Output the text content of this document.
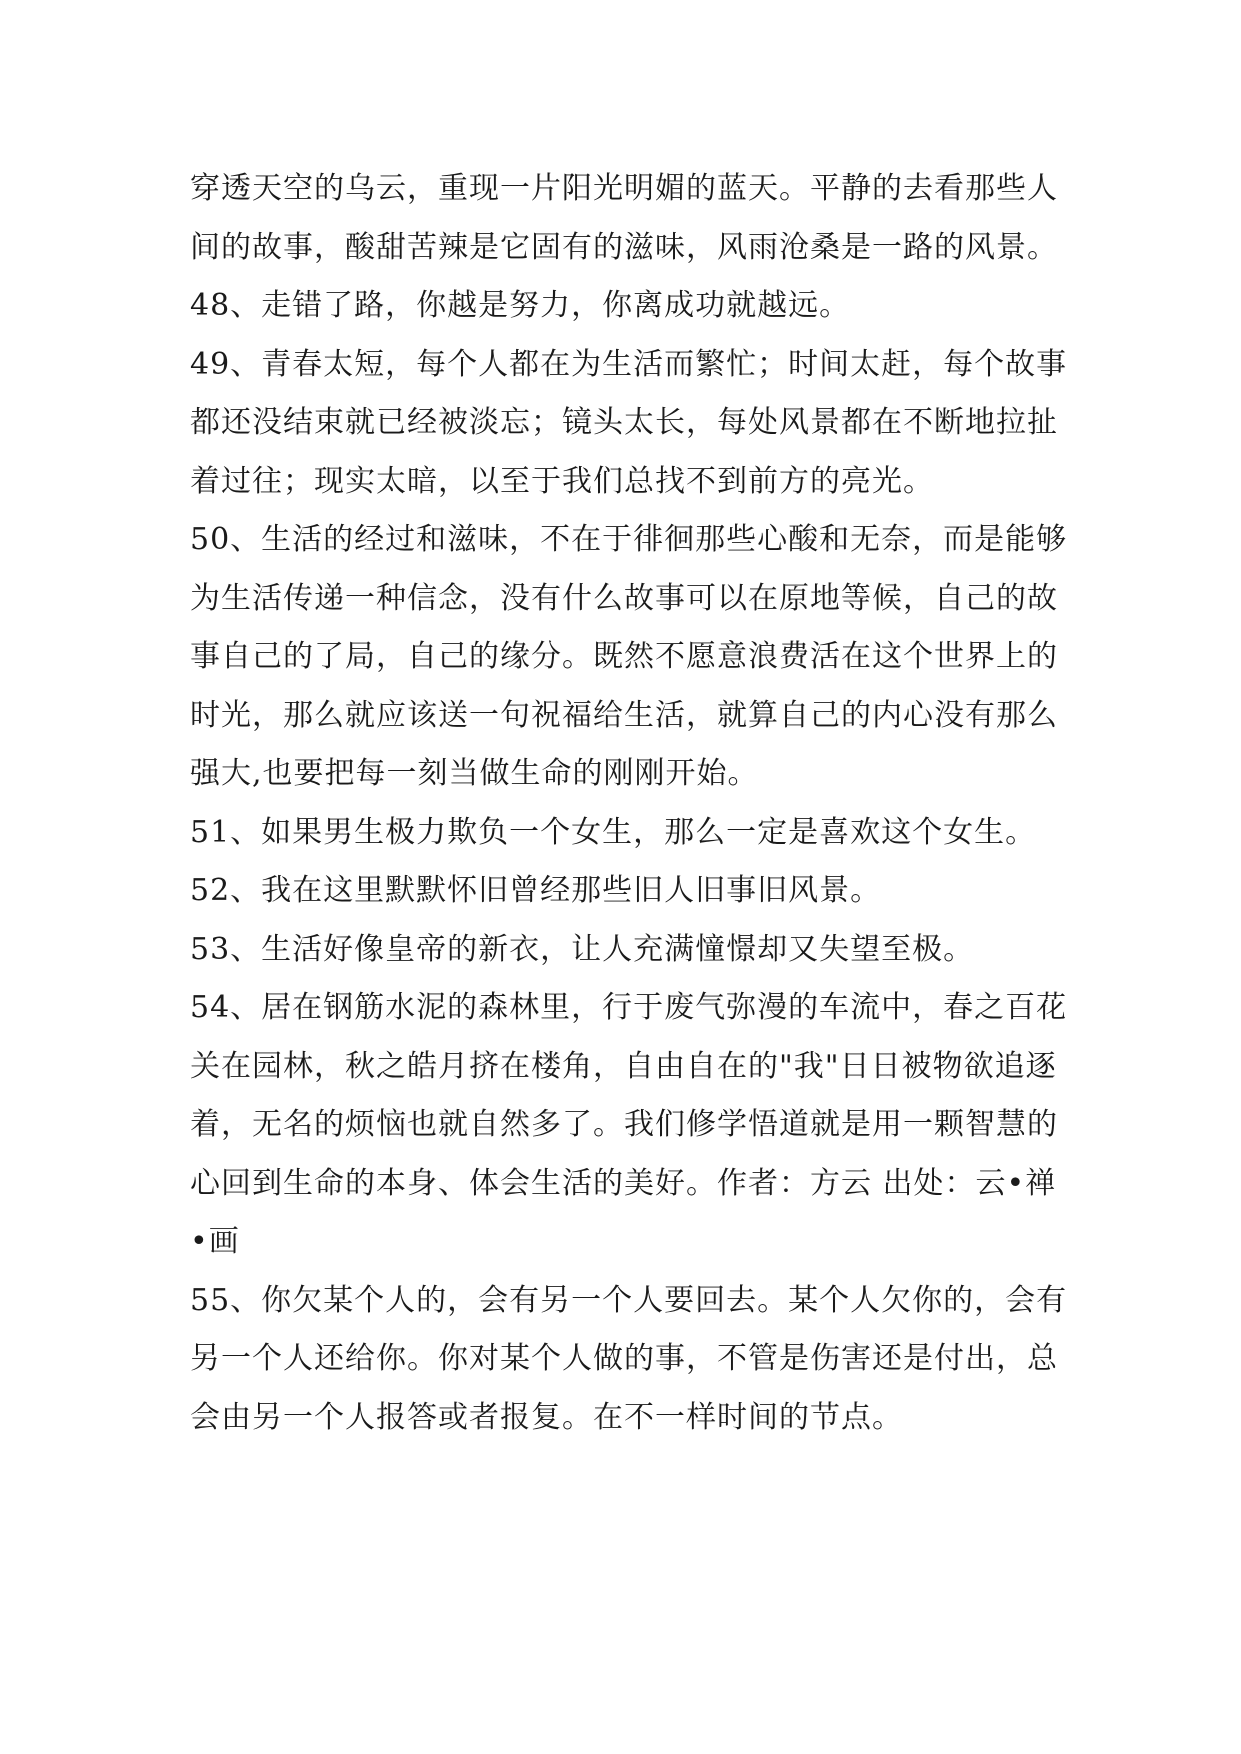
穿透天空的乌云，重现一片阳光明媚的蓝天。平静的去看那些人间的故事，酸甜苦辣是它固有的滋味，风雨沧桑是一路的风景。

48、走错了路，你越是努力，你离成功就越远。

49、青春太短，每个人都在为生活而繁忙；时间太赶，每个故事都还没结束就已经被淡忘；镜头太长，每处风景都在不断地拉扯着过往；现实太暗，以至于我们总找不到前方的亮光。

50、生活的经过和滋味，不在于徘徊那些心酸和无奈，而是能够为生活传递一种信念，没有什么故事可以在原地等候，自己的故事自己的了局，自己的缘分。既然不愿意浪费活在这个世界上的时光，那么就应该送一句祝福给生活，就算自己的内心没有那么强大,也要把每一刻当做生命的刚刚开始。

51、如果男生极力欺负一个女生，那么一定是喜欢这个女生。

52、我在这里默默怀旧曾经那些旧人旧事旧风景。

53、生活好像皇帝的新衣，让人充满憧憬却又失望至极。

54、居在钢筋水泥的森林里，行于废气弥漫的车流中，春之百花关在园林，秋之皓月挤在楼角，自由自在的"我"日日被物欲追逐着，无名的烦恼也就自然多了。我们修学悟道就是用一颗智慧的心回到生命的本身、体会生活的美好。作者：方云 出处：云•禅•画

55、你欠某个人的，会有另一个人要回去。某个人欠你的，会有另一个人还给你。你对某个人做的事，不管是伤害还是付出，总会由另一个人报答或者报复。在不一样时间的节点。
